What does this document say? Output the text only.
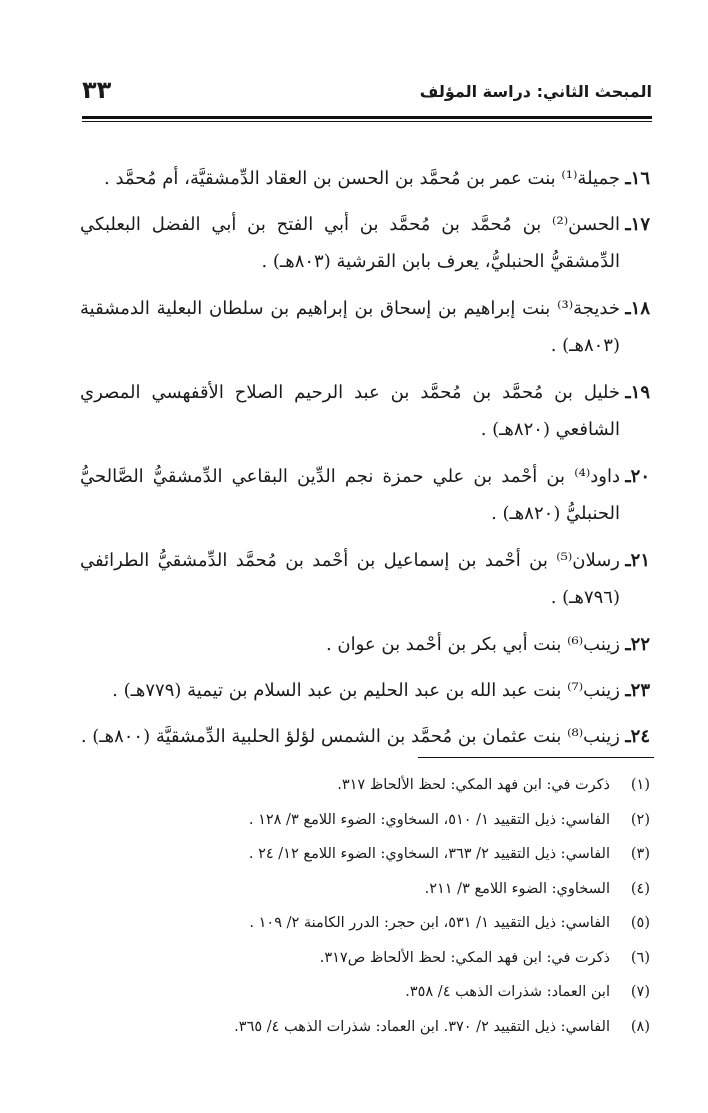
المبحث الثاني: دراسة المؤلف
٣٣
١٦ـ
جميلة⁽¹⁾ بنت عمر بن مُحمَّد بن الحسن بن العقاد الدِّمشقيَّة، أم مُحمَّد .
١٧ـ
الحسن⁽²⁾ بن مُحمَّد بن مُحمَّد بن أبي الفتح بن أبي الفضل البعلبكي الدِّمشقيُّ الحنبليُّ، يعرف بابن القرشية (٨٠٣هـ) .
١٨ـ
خديجة⁽³⁾ بنت إبراهيم بن إسحاق بن إبراهيم بن سلطان البعلية الدمشقية (٨٠٣هـ) .
١٩ـ
خليل بن مُحمَّد بن مُحمَّد بن عبد الرحيم الصلاح الأقفهسي المصري الشافعي (٨٢٠هـ) .
٢٠ـ
داود⁽⁴⁾ بن أحْمد بن علي حمزة نجم الدِّين البقاعي الدِّمشقيُّ الصَّالحيُّ الحنبليُّ (٨٢٠هـ) .
٢١ـ
رسلان⁽⁵⁾ بن أحْمد بن إسماعيل بن أحْمد بن مُحمَّد الدِّمشقيُّ الطرائفي (٧٩٦هـ) .
٢٢ـ
زينب⁽⁶⁾ بنت أبي بكر بن أحْمد بن عوان .
٢٣ـ
زينب⁽⁷⁾ بنت عبد الله بن عبد الحليم بن عبد السلام بن تيمية (٧٧٩هـ) .
٢٤ـ
زينب⁽⁸⁾ بنت عثمان بن مُحمَّد بن الشمس لؤلؤ الحلبية الدِّمشقيَّة (٨٠٠هـ) .
(١)
ذكرت في: ابن فهد المكي: لحظ الألحاظ ٣١٧.
(٢)
الفاسي: ذيل التقييد ١/ ٥١٠، السخاوي: الضوء اللامع ٣/ ١٢٨ .
(٣)
الفاسي: ذيل التقييد ٢/ ٣٦٣، السخاوي: الضوء اللامع ١٢/ ٢٤ .
(٤)
السخاوي: الضوء اللامع ٣/ ٢١١.
(٥)
الفاسي: ذيل التقييد ١/ ٥٣١، ابن حجر: الدرر الكامنة ٢/ ١٠٩ .
(٦)
ذكرت في: ابن فهد المكي: لحظ الألحاظ ص٣١٧.
(٧)
ابن العماد: شذرات الذهب ٤/ ٣٥٨.
(٨)
الفاسي: ذيل التقييد ٢/ ٣٧٠. ابن العماد: شذرات الذهب ٤/ ٣٦٥.
